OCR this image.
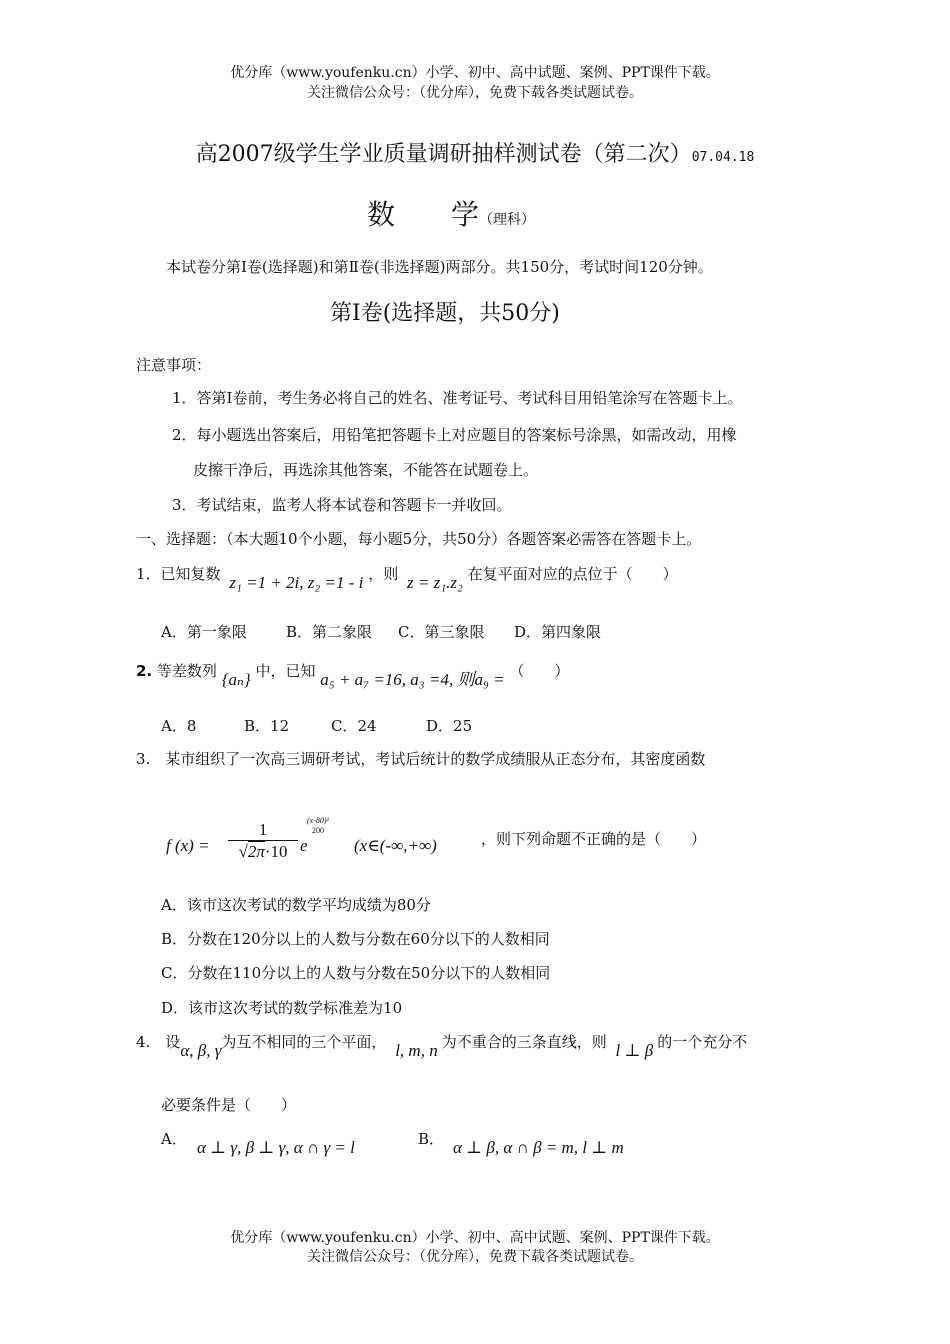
优分库（www.youfenku.cn）小学、初中、高中试题、案例、PPT课件下载。
关注微信公众号：（优分库），免费下载各类试题试卷。
高2007级学生学业质量调研抽样测试卷（第二次）07.04.18
数 学（理科）
本试卷分第Ⅰ卷(选择题)和第Ⅱ卷(非选择题)两部分。共150分，考试时间120分钟。
第Ⅰ卷(选择题，共50分)
注意事项：
1．答第Ⅰ卷前，考生务必将自己的姓名、准考证号、考试科目用铅笔涂写在答题卡上。
2．每小题选出答案后，用铅笔把答题卡上对应题目的答案标号涂黑，如需改动，用橡
皮擦干净后，再选涂其他答案，不能答在试题卷上。
3．考试结束，监考人将本试卷和答题卡一并收回。
一、选择题：（本大题10个小题，每小题5分，共50分）各题答案必需答在答题卡上。
1．已知复数 z₁ =1 + 2i, z₂ =1 - i ，则 z = z₁.z₂ 在复平面对应的点位于（　　）
A．第一象限	B．第二象限 C．第三象限 D．第四象限
2. 等差数列 {aₙ} 中，已知 a₅ + a₇ =16, a₃ =4, 则a₉ = （　　）
A．8	B．12	C．24	D．25
3.　某市组织了一次高三调研考试，考试后统计的数学成绩服从正态分布，其密度函数
f $(x) = \frac{1}{√2\pi\cdot 10}$ e
(x-80)²
200
(x∈(-∞,+∞)	，则下列命题不正确的是（　　）
A．该市这次考试的数学平均成绩为80分
B．分数在120分以上的人数与分数在60分以下的人数相同
C．分数在110分以上的人数与分数在50分以下的人数相同
D．该市这次考试的数学标准差为10
4.　设α, β, γ为互不相同的三个平面， l, m, n 为不重合的三条直线，则 l ⊥ β 的一个充分不
必要条件是（　　）
A． α ⊥ γ, β ⊥ γ, α ∩ γ = l	B． α ⊥ β, α ∩ β = m, l ⊥ m
优分库（www.youfenku.cn）小学、初中、高中试题、案例、PPT课件下载。
关注微信公众号：（优分库），免费下载各类试题试卷。
